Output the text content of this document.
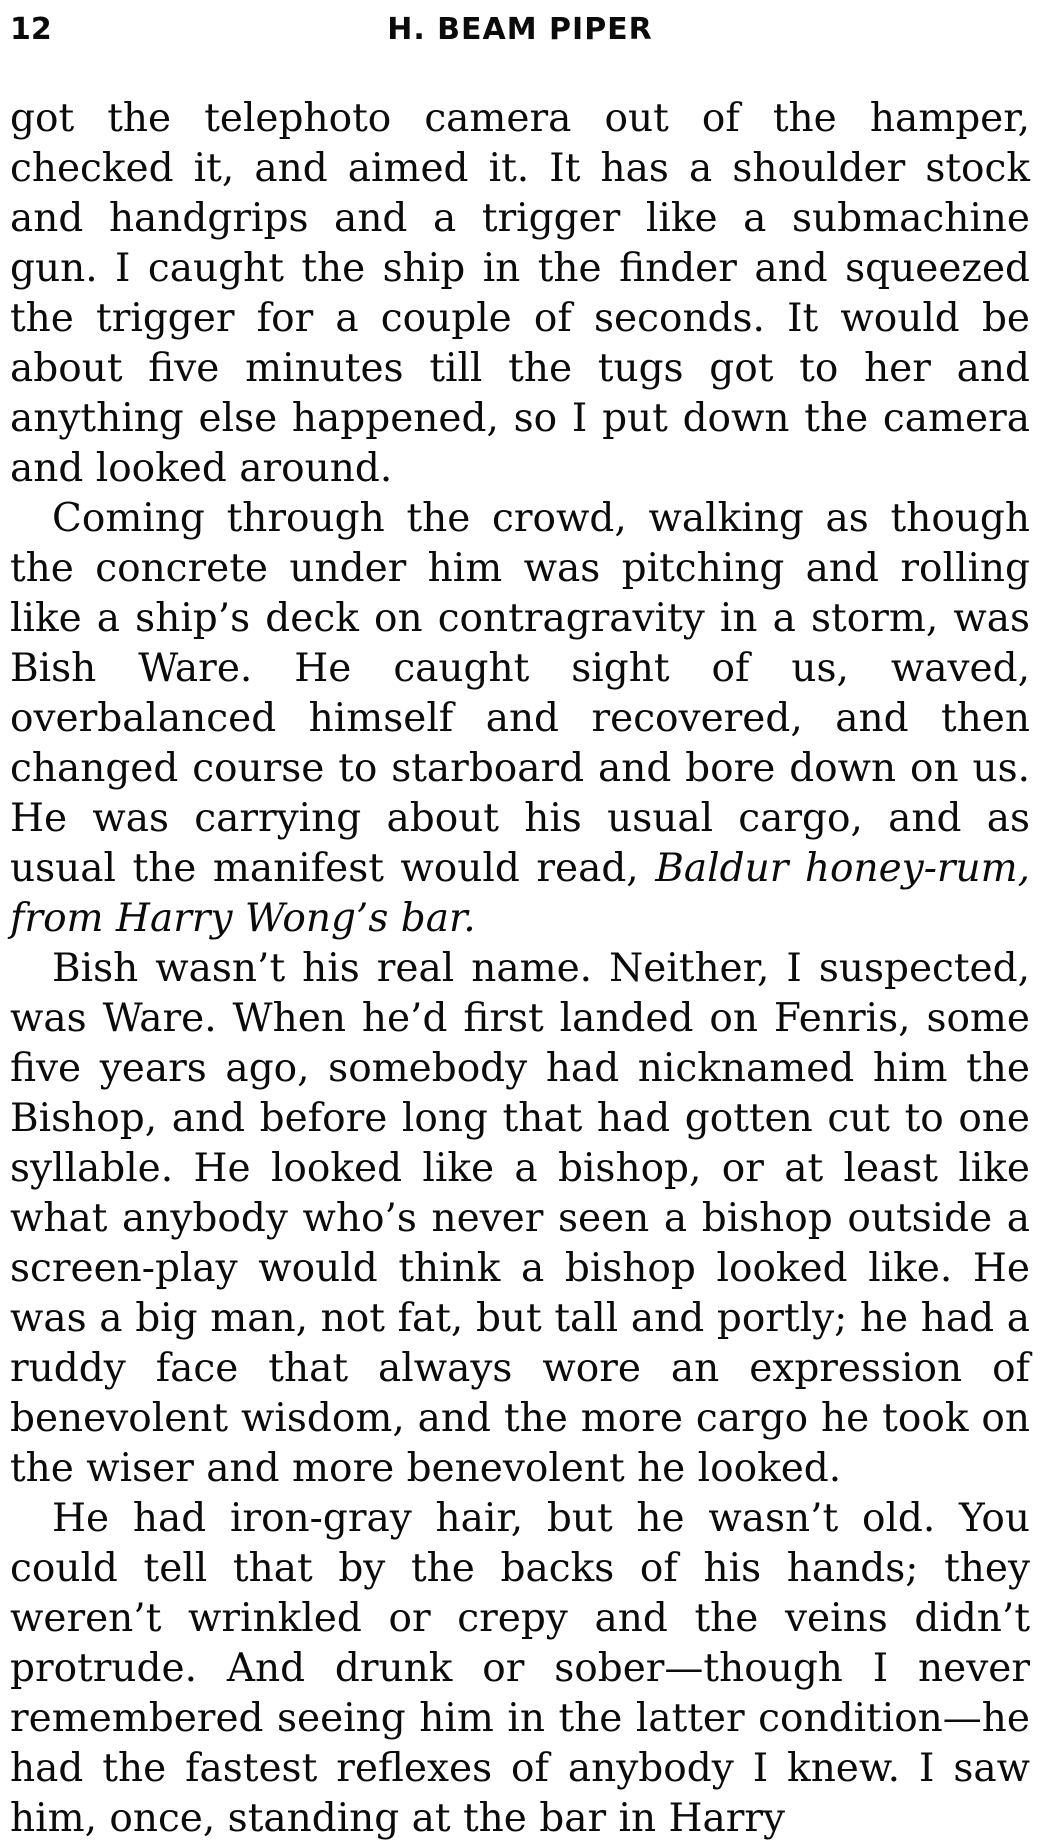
12	H. BEAM PIPER

got the telephoto camera out of the hamper, checked it, and aimed it. It has a shoulder stock and handgrips and a trigger like a submachine gun. I caught the ship in the finder and squeezed the trigger for a couple of seconds. It would be about five minutes till the tugs got to her and anything else happened, so I put down the camera and looked around.

Coming through the crowd, walking as though the concrete under him was pitching and rolling like a ship’s deck on contragravity in a storm, was Bish Ware. He caught sight of us, waved, overbalanced himself and recovered, and then changed course to starboard and bore down on us. He was carrying about his usual cargo, and as usual the manifest would read, Baldur honey-rum, from Harry Wong’s bar.

Bish wasn’t his real name. Neither, I suspected, was Ware. When he’d first landed on Fenris, some five years ago, somebody had nicknamed him the Bishop, and before long that had gotten cut to one syllable. He looked like a bishop, or at least like what anybody who’s never seen a bishop outside a screen-play would think a bishop looked like. He was a big man, not fat, but tall and portly; he had a ruddy face that always wore an expression of benevolent wisdom, and the more cargo he took on the wiser and more benevolent he looked.

He had iron-gray hair, but he wasn’t old. You could tell that by the backs of his hands; they weren’t wrinkled or crepy and the veins didn’t protrude. And drunk or sober—though I never remembered seeing him in the latter condition—he had the fastest reflexes of anybody I knew. I saw him, once, standing at the bar in Harry
